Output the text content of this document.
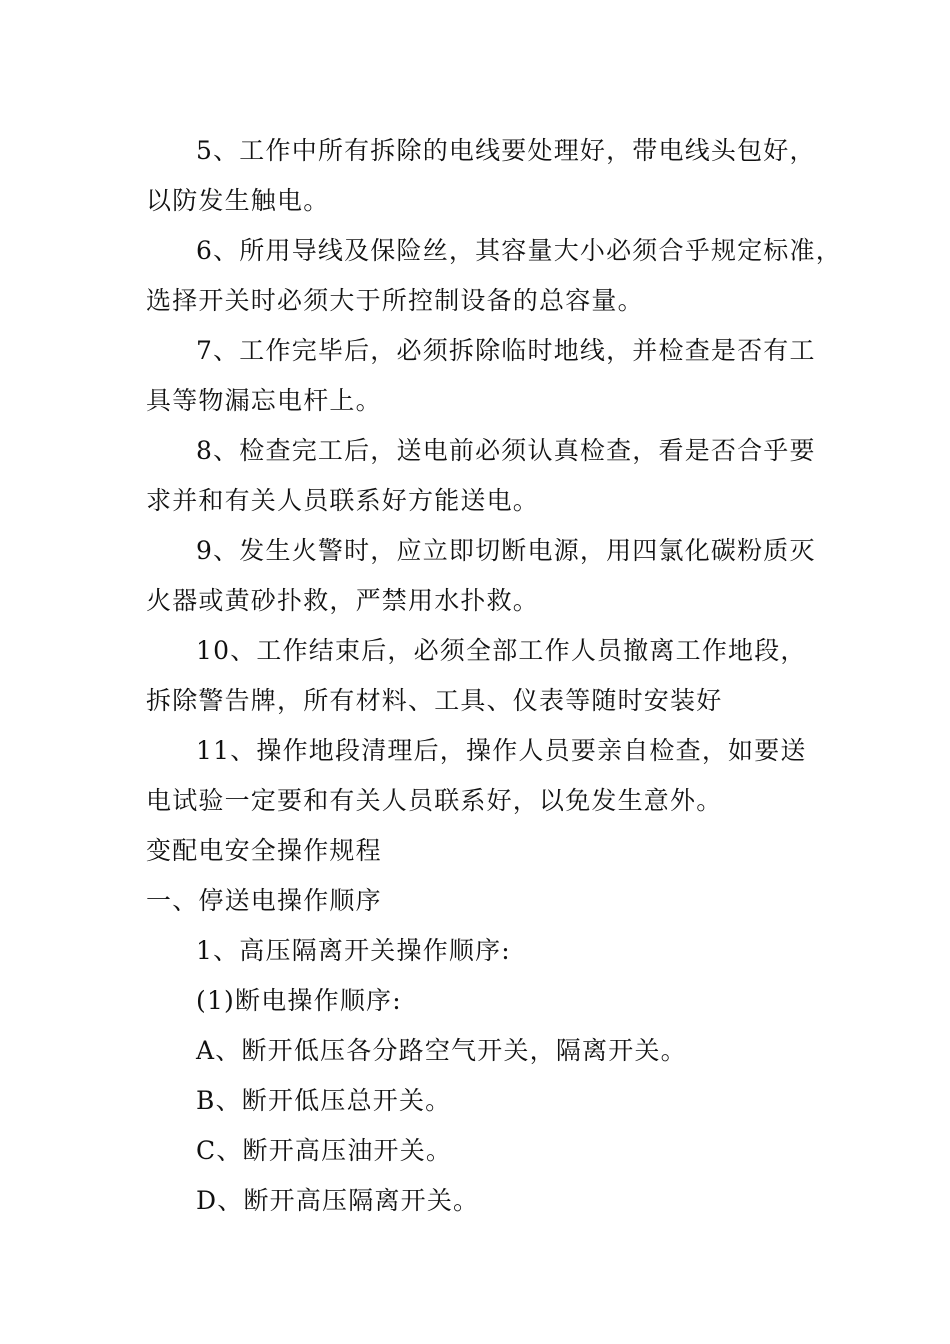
5、工作中所有拆除的电线要处理好，带电线头包好，
以防发生触电。
6、所用导线及保险丝，其容量大小必须合乎规定标准，
选择开关时必须大于所控制设备的总容量。
7、工作完毕后，必须拆除临时地线，并检查是否有工
具等物漏忘电杆上。
8、检查完工后，送电前必须认真检查，看是否合乎要
求并和有关人员联系好方能送电。
9、发生火警时，应立即切断电源，用四氯化碳粉质灭
火器或黄砂扑救，严禁用水扑救。
10、工作结束后，必须全部工作人员撤离工作地段，
拆除警告牌，所有材料、工具、仪表等随时安装好
11、操作地段清理后，操作人员要亲自检查，如要送
电试验一定要和有关人员联系好，以免发生意外。
变配电安全操作规程
一、停送电操作顺序
1、高压隔离开关操作顺序:
(1)断电操作顺序:
A、断开低压各分路空气开关，隔离开关。
B、断开低压总开关。
C、断开高压油开关。
D、断开高压隔离开关。
